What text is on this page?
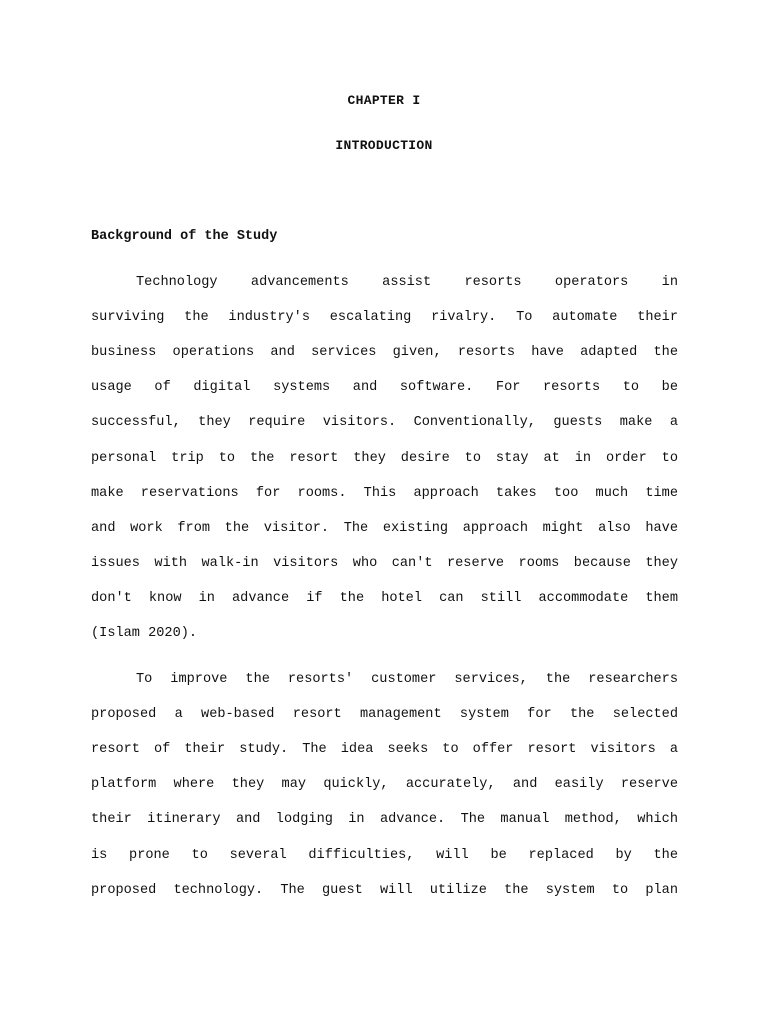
CHAPTER I
INTRODUCTION
Background of the Study
Technology advancements assist resorts operators in
surviving the industry's escalating rivalry. To automate their
business operations and services given, resorts have adapted the
usage of digital systems and software. For resorts to be
successful, they require visitors. Conventionally, guests make a
personal trip to the resort they desire to stay at in order to
make reservations for rooms. This approach takes too much time
and work from the visitor. The existing approach might also have
issues with walk-in visitors who can't reserve rooms because they
don't know in advance if the hotel can still accommodate them
(Islam 2020).
To improve the resorts' customer services, the researchers
proposed a web-based resort management system for the selected
resort of their study. The idea seeks to offer resort visitors a
platform where they may quickly, accurately, and easily reserve
their itinerary and lodging in advance. The manual method, which
is prone to several difficulties, will be replaced by the
proposed technology. The guest will utilize the system to plan
